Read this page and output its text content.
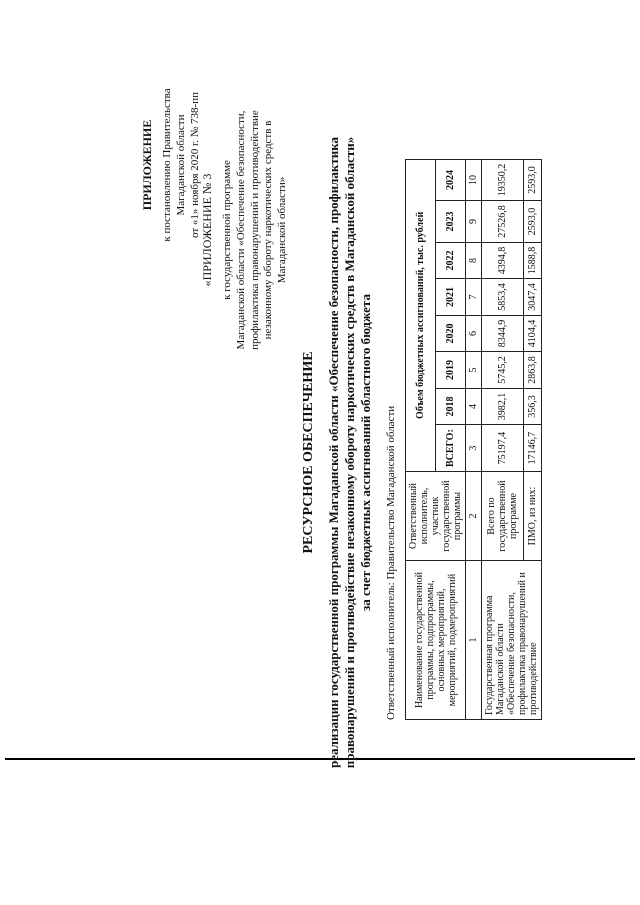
ПРИЛОЖЕНИЕ к постановлению Правительства Магаданской области от «1» ноября 2020 г. № 738-пп «ПРИЛОЖЕНИЕ № 3 к государственной программе Магаданской области «Обеспечение безопасности, профилактика правонарушений и противодействие незаконному обороту наркотических средств в Магаданской области»
РЕСУРСНОЕ ОБЕСПЕЧЕНИЕ реализации государственной программы Магаданской области «Обеспечение безопасности, профилактика правонарушений и противодействие незаконному обороту наркотических средств в Магаданской области» за счет бюджетных ассигнований областного бюджета Ответственный исполнитель: Правительство Магаданской области Наименование государственной программы, подпрограммы, основных мероприятий, мероприятий, подмероприятий	Ответственный исполнитель, участник государственной программы	Объем бюджетных ассигнований, тыс. рублей							
		ВСЕГО:	2018	2019	2020	2021	2022	2023	2024
1	2	3	4	5	6	7	8	9	10
Государственная программа Магаданской области «Обеспечение безопасности, профилактика правонарушений и противодействие	Всего по государственной программе	75197,4	3982,1	5745,2	8344,9	5853,4	4394,8	27526,8	19350,2
	ПМО, из них:	17146,7	356,3	2863,8	4104,4	3047,4	1588,8	2593,0	2593,0
